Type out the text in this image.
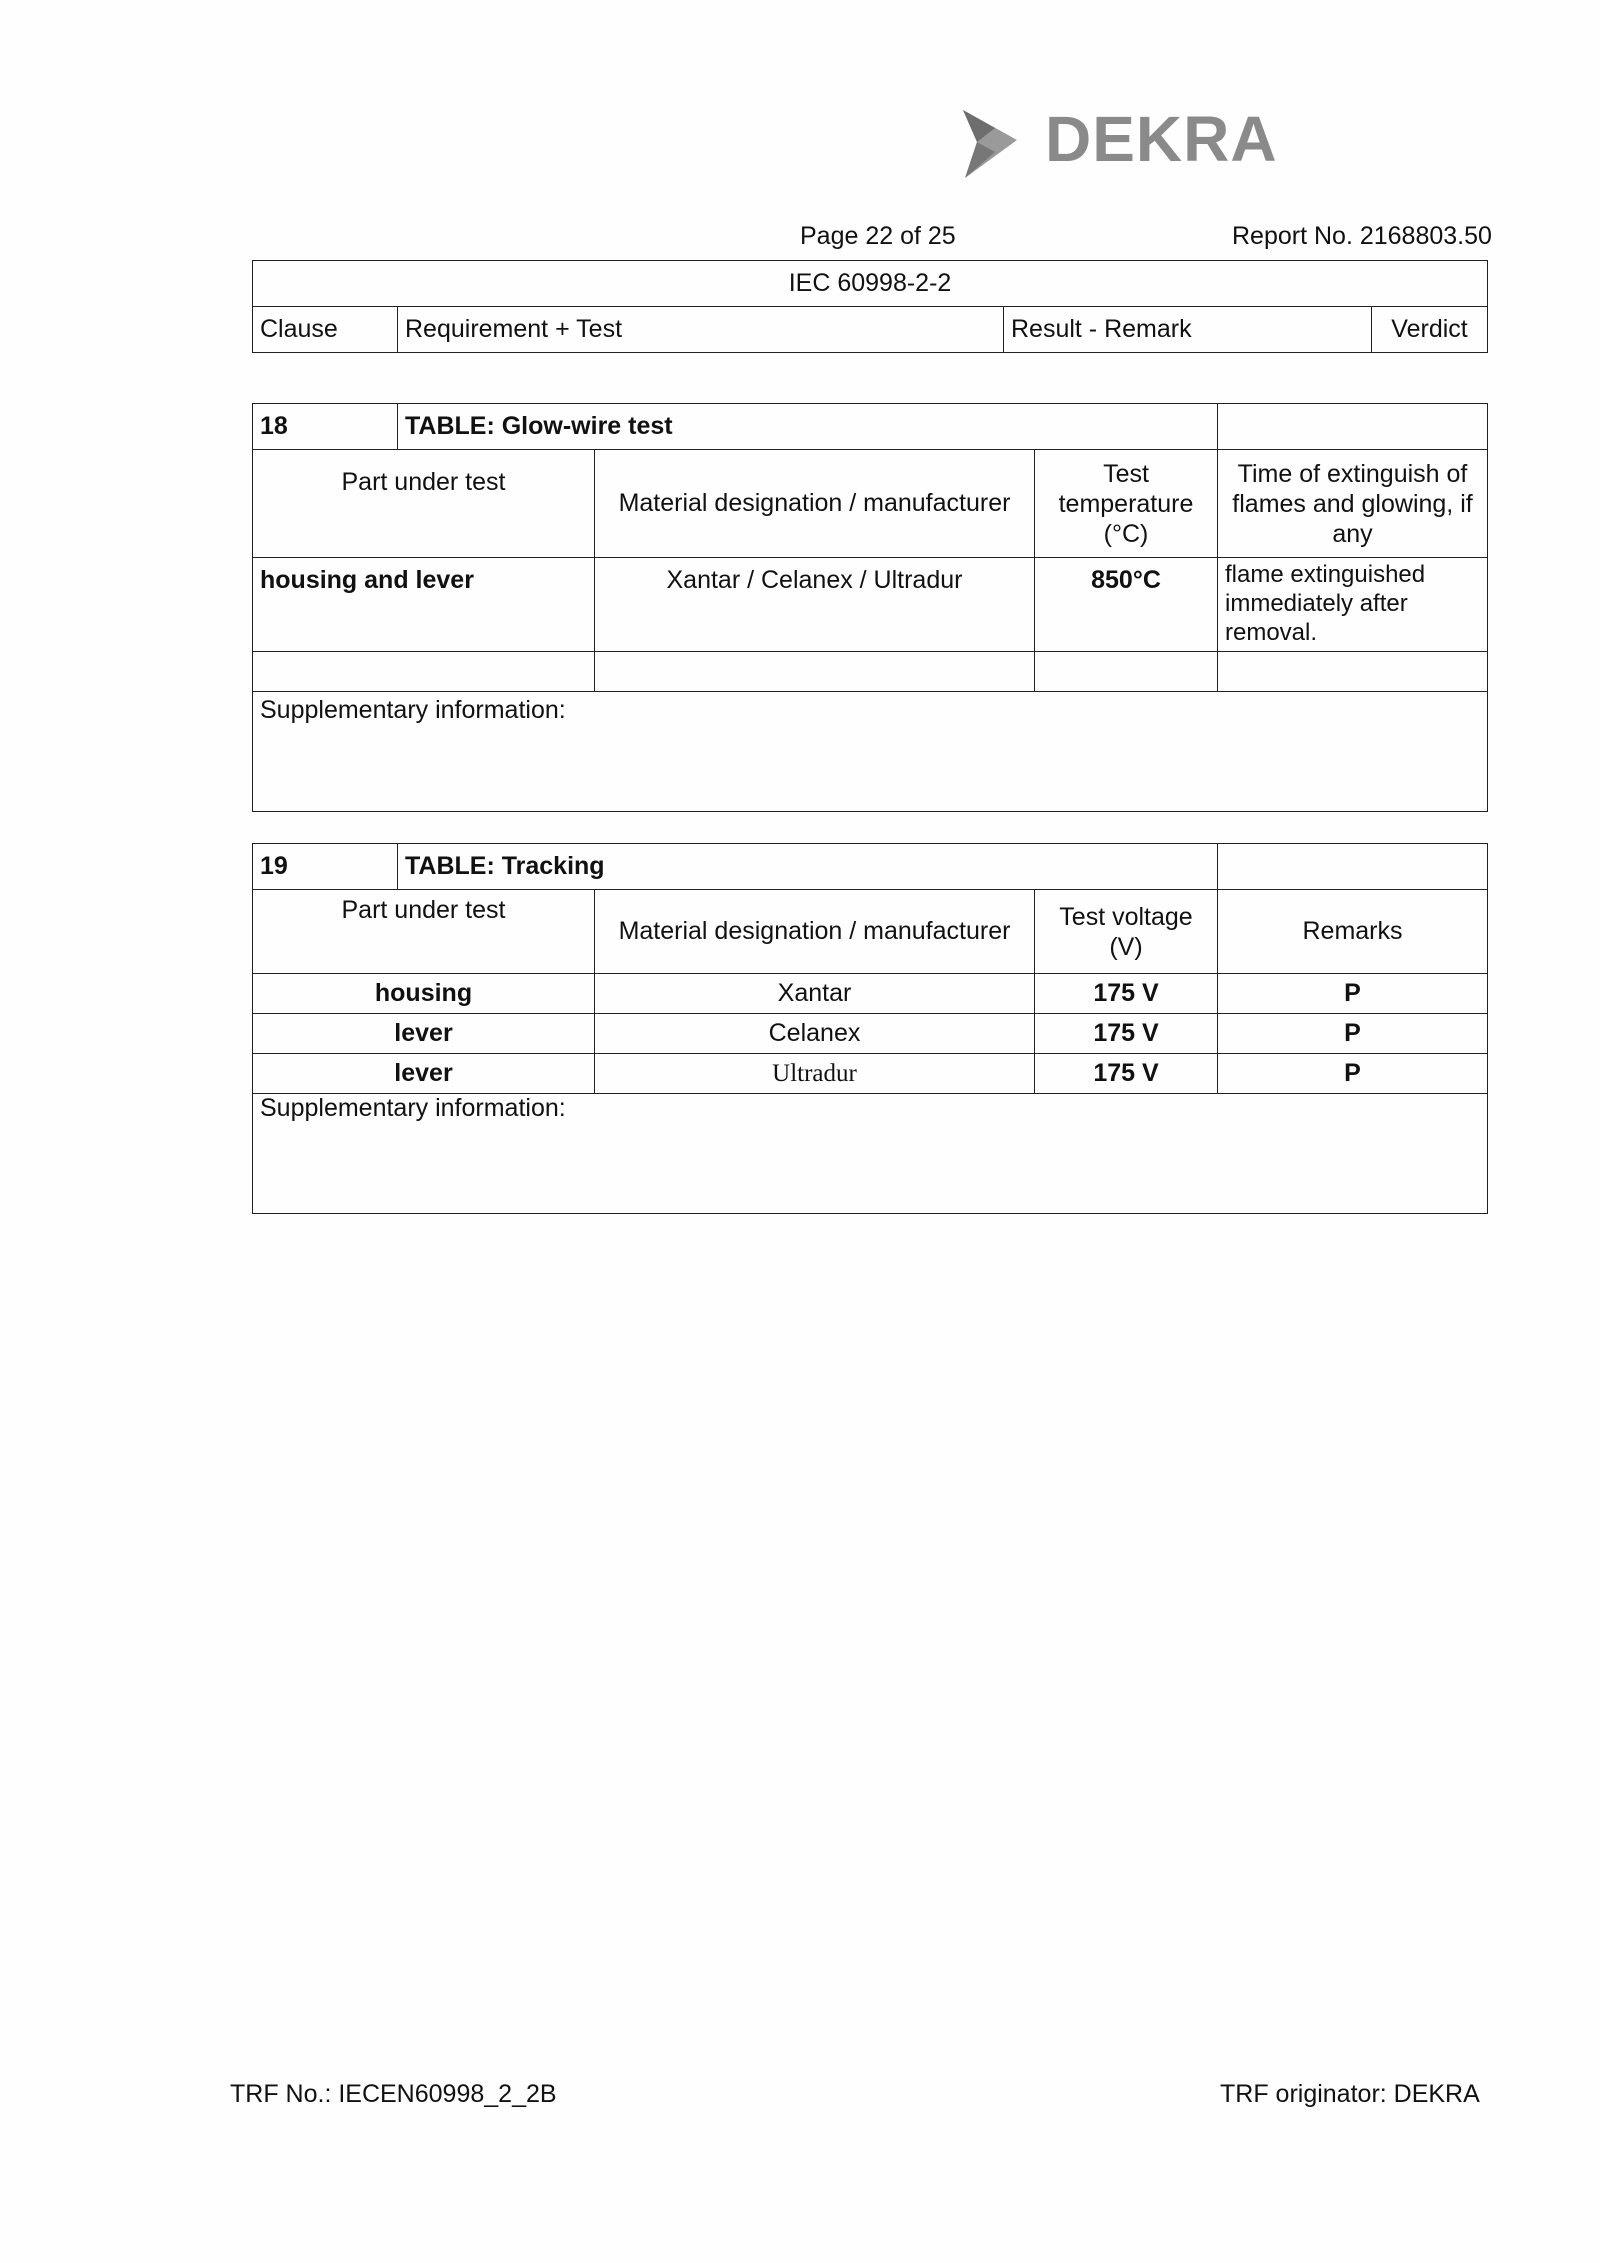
DEKRA
Page 22 of 25	Report No. 2168803.50
IEC 60998-2-2
Clause	Requirement + Test	Result - Remark	Verdict
18	TABLE: Glow-wire test			
Part under test		Material designation / manufacturer	Test temperature (°C)	Time of extinguish of flames and glowing, if any
housing and lever		Xantar / Celanex / Ultradur	850°C	flame extinguished immediately after removal.

Supplementary information:				
19	TABLE: Tracking			
Part under test		Material designation / manufacturer	Test voltage (V)	Remarks
housing		Xantar	175 V	P
lever		Celanex	175 V	P
lever		Ultradur	175 V	P
Supplementary information:				
TRF No.: IECEN60998_2_2B	TRF originator: DEKRA
